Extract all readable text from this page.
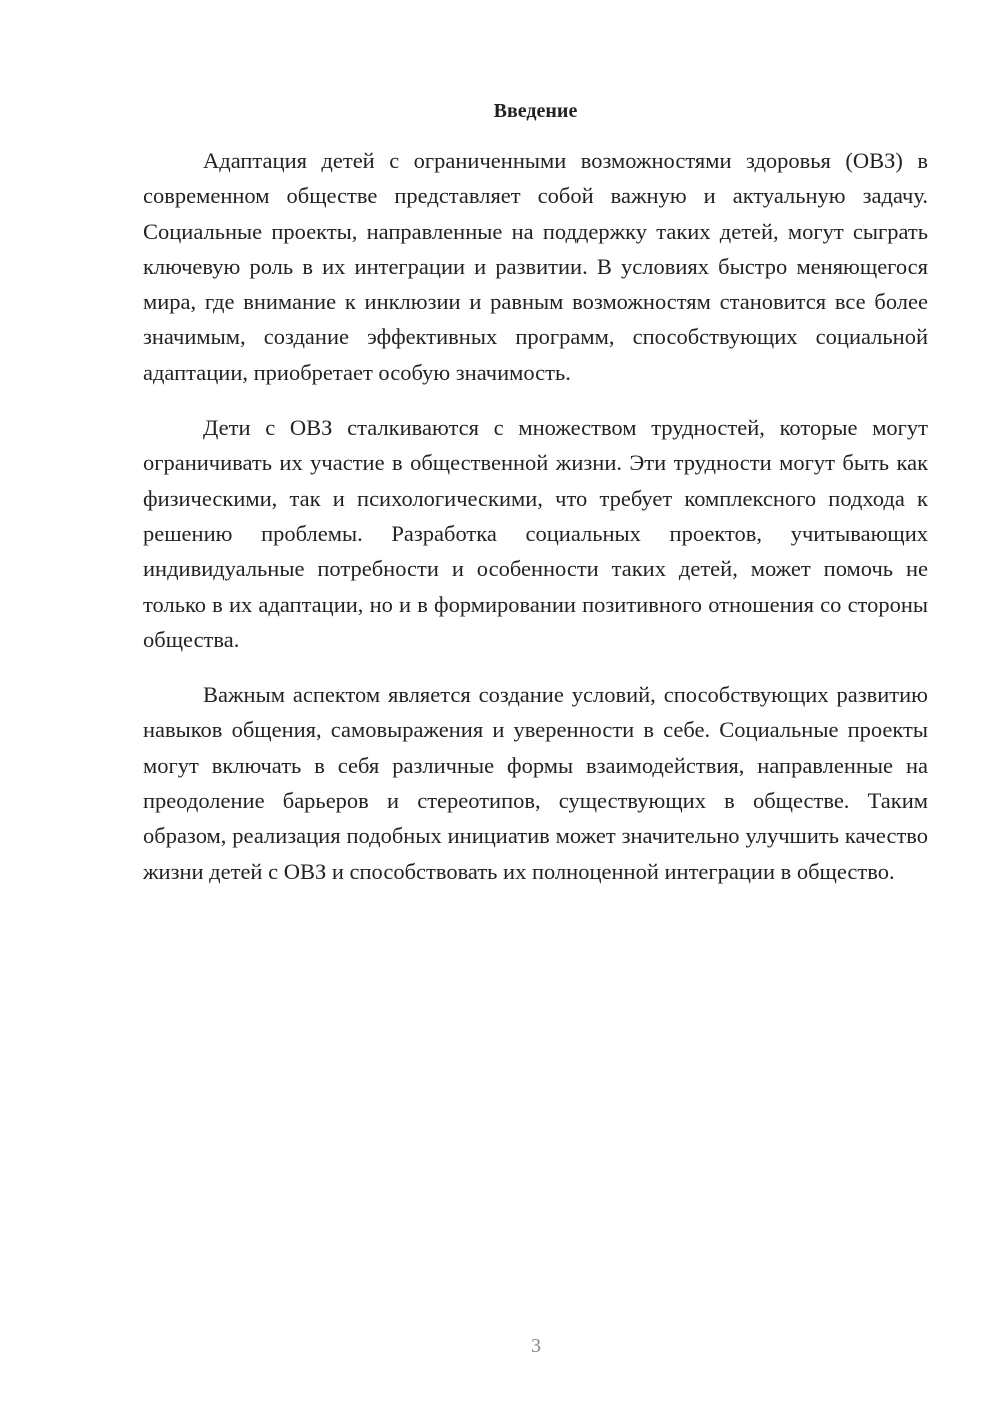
Введение

Адаптация детей с ограниченными возможностями здоровья (ОВЗ) в современном обществе представляет собой важную и актуальную задачу. Социальные проекты, направленные на поддержку таких детей, могут сыграть ключевую роль в их интеграции и развитии. В условиях быстро меняющегося мира, где внимание к инклюзии и равным возможностям становится все более значимым, создание эффективных программ, способствующих социальной адаптации, приобретает особую значимость.

Дети с ОВЗ сталкиваются с множеством трудностей, которые могут ограничивать их участие в общественной жизни. Эти трудности могут быть как физическими, так и психологическими, что требует комплексного подхода к решению проблемы. Разработка социальных проектов, учитывающих индивидуальные потребности и особенности таких детей, может помочь не только в их адаптации, но и в формировании позитивного отношения со стороны общества.

Важным аспектом является создание условий, способствующих развитию навыков общения, самовыражения и уверенности в себе. Социальные проекты могут включать в себя различные формы взаимодействия, направленные на преодоление барьеров и стереотипов, существующих в обществе. Таким образом, реализация подобных инициатив может значительно улучшить качество жизни детей с ОВЗ и способствовать их полноценной интеграции в общество.

3
